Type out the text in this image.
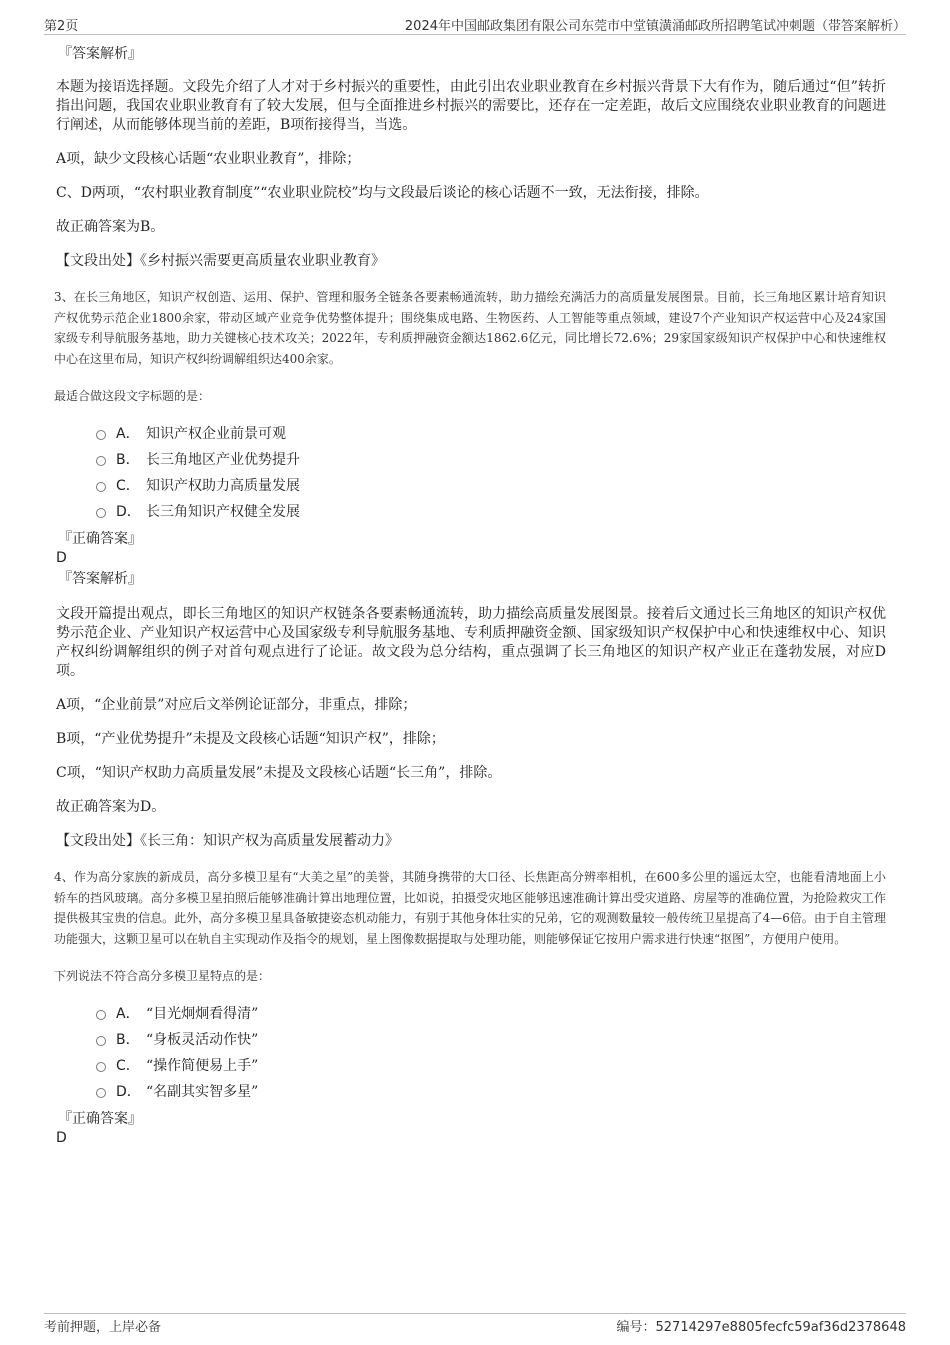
第2页	2024年中国邮政集团有限公司东莞市中堂镇潢涌邮政所招聘笔试冲刺题（带答案解析）
『答案解析』
本题为接语选择题。文段先介绍了人才对于乡村振兴的重要性，由此引出农业职业教育在乡村振兴背景下大有作为，随后通过“但”转折指出问题，我国农业职业教育有了较大发展，但与全面推进乡村振兴的需要比，还存在一定差距，故后文应围绕农业职业教育的问题进行阐述，从而能够体现当前的差距，B项衔接得当，当选。
A项，缺少文段核心话题“农业职业教育”，排除；
C、D两项，“农村职业教育制度”“农业职业院校”均与文段最后谈论的核心话题不一致，无法衔接，排除。
故正确答案为B。
【文段出处】《乡村振兴需要更高质量农业职业教育》
3、在长三角地区，知识产权创造、运用、保护、管理和服务全链条各要素畅通流转，助力描绘充满活力的高质量发展图景。目前，长三角地区累计培育知识产权优势示范企业1800余家，带动区域产业竞争优势整体提升；围绕集成电路、生物医药、人工智能等重点领域，建设7个产业知识产权运营中心及24家国家级专利导航服务基地，助力关键核心技术攻关；2022年，专利质押融资金额达1862.6亿元，同比增长72.6%；29家国家级知识产权保护中心和快速维权中心在这里布局，知识产权纠纷调解组织达400余家。
最适合做这段文字标题的是：
A． 知识产权企业前景可观
B． 长三角地区产业优势提升
C． 知识产权助力高质量发展
D． 长三角知识产权健全发展
『正确答案』
D
『答案解析』
文段开篇提出观点，即长三角地区的知识产权链条各要素畅通流转，助力描绘高质量发展图景。接着后文通过长三角地区的知识产权优势示范企业、产业知识产权运营中心及国家级专利导航服务基地、专利质押融资金额、国家级知识产权保护中心和快速维权中心、知识产权纠纷调解组织的例子对首句观点进行了论证。故文段为总分结构，重点强调了长三角地区的知识产权产业正在蓬勃发展，对应D项。
A项，“企业前景”对应后文举例论证部分，非重点，排除；
B项，“产业优势提升”未提及文段核心话题“知识产权”，排除；
C项，“知识产权助力高质量发展”未提及文段核心话题“长三角”，排除。
故正确答案为D。
【文段出处】《长三角：知识产权为高质量发展蓄动力》
4、作为高分家族的新成员，高分多模卫星有“大美之星”的美誉，其随身携带的大口径、长焦距高分辨率相机，在600多公里的遥远太空，也能看清地面上小轿车的挡风玻璃。高分多模卫星拍照后能够准确计算出地理位置，比如说，拍摄受灾地区能够迅速准确计算出受灾道路、房屋等的准确位置，为抢险救灾工作提供极其宝贵的信息。此外，高分多模卫星具备敏捷姿态机动能力，有别于其他身体壮实的兄弟，它的观测数量较一般传统卫星提高了4—6倍。由于自主管理功能强大，这颗卫星可以在轨自主实现动作及指令的规划，星上图像数据提取与处理功能，则能够保证它按用户需求进行快速“抠图”，方便用户使用。
下列说法不符合高分多模卫星特点的是：
A． “目光炯炯看得清”
B． “身板灵活动作快”
C． “操作简便易上手”
D． “名副其实智多星”
『正确答案』
D
考前押题，上岸必备	编号：52714297e8805fecfc59af36d2378648
